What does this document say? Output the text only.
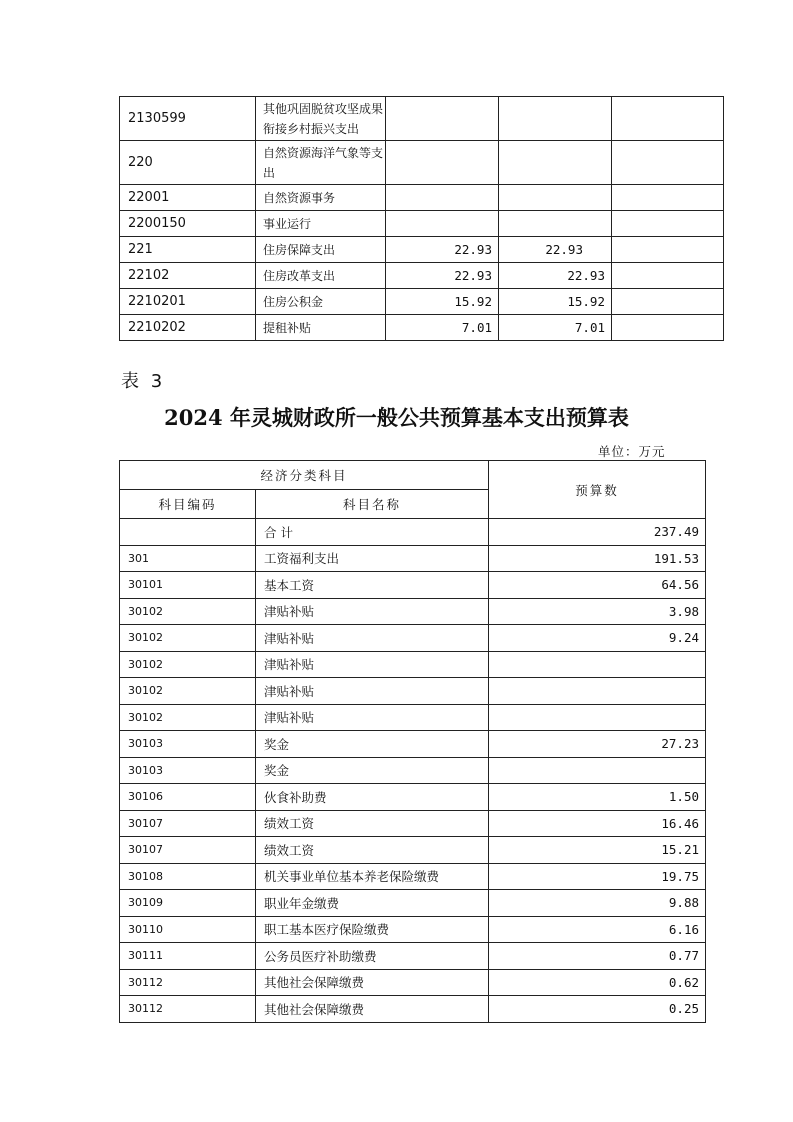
2130599	其他巩固脱贫攻坚成果衔接乡村振兴支出			
220	自然资源海洋气象等支出			
22001	自然资源事务			
2200150	事业运行			
221	住房保障支出	22.93	22.93	
22102	住房改革支出	22.93	22.93	
2210201	住房公积金	15.92	15.92	
2210202	提租补贴	7.01	7.01	
表 3
2024 年灵城财政所一般公共预算基本支出预算表
单位：万元
经济分类科目		预算数
科目编码	科目名称	
	合计	237.49
301	工资福利支出	191.53
30101	基本工资	64.56
30102	津贴补贴	3.98
30102	津贴补贴	9.24
30102	津贴补贴	
30102	津贴补贴	
30102	津贴补贴	
30103	奖金	27.23
30103	奖金	
30106	伙食补助费	1.50
30107	绩效工资	16.46
30107	绩效工资	15.21
30108	机关事业单位基本养老保险缴费	19.75
30109	职业年金缴费	9.88
30110	职工基本医疗保险缴费	6.16
30111	公务员医疗补助缴费	0.77
30112	其他社会保障缴费	0.62
30112	其他社会保障缴费	0.25
